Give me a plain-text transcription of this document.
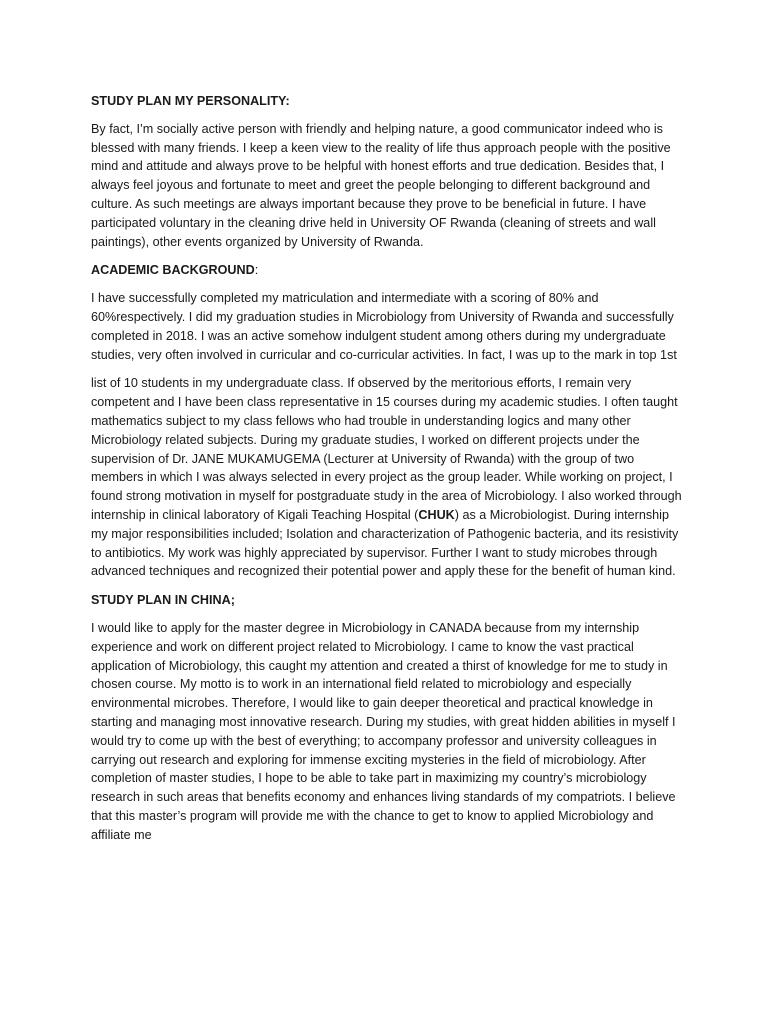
STUDY PLAN MY PERSONALITY:

By fact, I’m socially active person with friendly and helping nature, a good communicator indeed who is blessed with many friends. I keep a keen view to the reality of life thus approach people with the positive mind and attitude and always prove to be helpful with honest efforts and true dedication. Besides that, I always feel joyous and fortunate to meet and greet the people belonging to different background and culture. As such meetings are always important because they prove to be beneficial in future. I have participated voluntary in the cleaning drive held in University OF Rwanda (cleaning of streets and wall paintings), other events organized by University of Rwanda.

ACADEMIC BACKGROUND:

I have successfully completed my matriculation and intermediate with a scoring of 80% and 60%respectively. I did my graduation studies in Microbiology from University of Rwanda and successfully completed in 2018. I was an active somehow indulgent student among others during my undergraduate studies, very often involved in curricular and co-curricular activities. In fact, I was up to the mark in top 1st

list of 10 students in my undergraduate class. If observed by the meritorious efforts, I remain very competent and I have been class representative in 15 courses during my academic studies. I often taught mathematics subject to my class fellows who had trouble in understanding logics and many other Microbiology related subjects. During my graduate studies, I worked on different projects under the supervision of Dr. JANE MUKAMUGEMA (Lecturer at University of Rwanda) with the group of two members in which I was always selected in every project as the group leader. While working on project, I found strong motivation in myself for postgraduate study in the area of Microbiology. I also worked through internship in clinical laboratory of Kigali Teaching Hospital (CHUK) as a Microbiologist. During internship my major responsibilities included; Isolation and characterization of Pathogenic bacteria, and its resistivity to antibiotics. My work was highly appreciated by supervisor. Further I want to study microbes through advanced techniques and recognized their potential power and apply these for the benefit of human kind.

STUDY PLAN IN CHINA;

I would like to apply for the master degree in Microbiology in CANADA because from my internship experience and work on different project related to Microbiology. I came to know the vast practical application of Microbiology, this caught my attention and created a thirst of knowledge for me to study in chosen course. My motto is to work in an international field related to microbiology and especially environmental microbes. Therefore, I would like to gain deeper theoretical and practical knowledge in starting and managing most innovative research. During my studies, with great hidden abilities in myself I would try to come up with the best of everything; to accompany professor and university colleagues in carrying out research and exploring for immense exciting mysteries in the field of microbiology. After completion of master studies, I hope to be able to take part in maximizing my country’s microbiology research in such areas that benefits economy and enhances living standards of my compatriots. I believe that this master’s program will provide me with the chance to get to know to applied Microbiology and affiliate me
